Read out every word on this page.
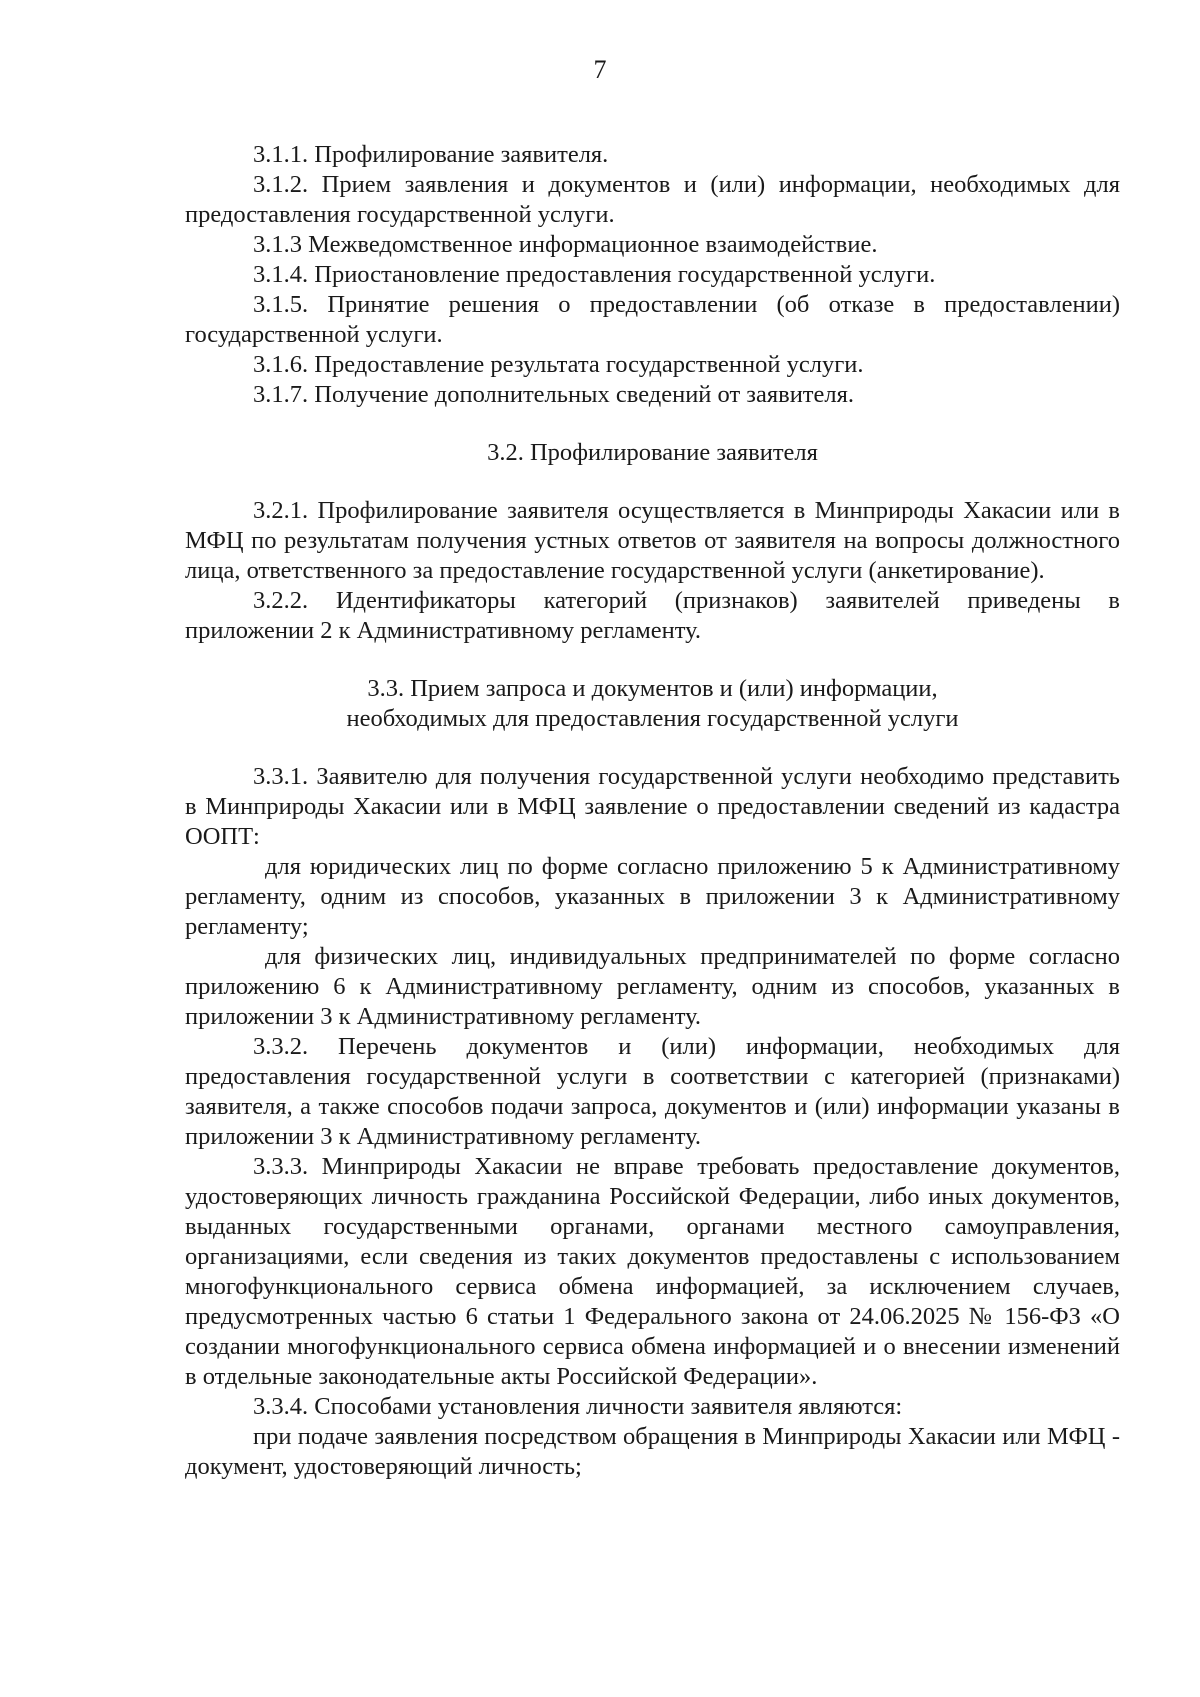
7

3.1.1. Профилирование заявителя.

3.1.2. Прием заявления и документов и (или) информации, необходимых для предоставления государственной услуги.

3.1.3 Межведомственное информационное взаимодействие.

3.1.4. Приостановление предоставления государственной услуги.

3.1.5. Принятие решения о предоставлении (об отказе в предоставлении) государственной услуги.

3.1.6. Предоставление результата государственной услуги.

3.1.7. Получение дополнительных сведений от заявителя.

3.2. Профилирование заявителя

3.2.1. Профилирование заявителя осуществляется в Минприроды Хакасии или в МФЦ по результатам получения устных ответов от заявителя на вопросы должностного лица, ответственного за предоставление государственной услуги (анкетирование).

3.2.2. Идентификаторы категорий (признаков) заявителей приведены в приложении 2 к Административному регламенту.

3.3. Прием запроса и документов и (или) информации,

необходимых для предоставления государственной услуги

3.3.1. Заявителю для получения государственной услуги необходимо представить в Минприроды Хакасии или в МФЦ заявление о предоставлении сведений из кадастра ООПТ:

для юридических лиц по форме согласно приложению 5 к Административному регламенту, одним из способов, указанных в приложении 3 к Административному регламенту;

для физических лиц, индивидуальных предпринимателей по форме согласно приложению 6 к Административному регламенту, одним из способов, указанных в приложении 3 к Административному регламенту.

3.3.2. Перечень документов и (или) информации, необходимых для предоставления государственной услуги в соответствии с категорией (признаками) заявителя, а также способов подачи запроса, документов и (или) информации указаны в приложении 3 к Административному регламенту.

3.3.3. Минприроды Хакасии не вправе требовать предоставление документов, удостоверяющих личность гражданина Российской Федерации, либо иных документов, выданных государственными органами, органами местного самоуправления, организациями, если сведения из таких документов предоставлены с использованием многофункционального сервиса обмена информацией, за исключением случаев, предусмотренных частью 6 статьи 1 Федерального закона от 24.06.2025 № 156-ФЗ «О создании многофункционального сервиса обмена информацией и о внесении изменений в отдельные законодательные акты Российской Федерации».

3.3.4. Способами установления личности заявителя являются:

при подаче заявления посредством обращения в Минприроды Хакасии или МФЦ - документ, удостоверяющий личность;
